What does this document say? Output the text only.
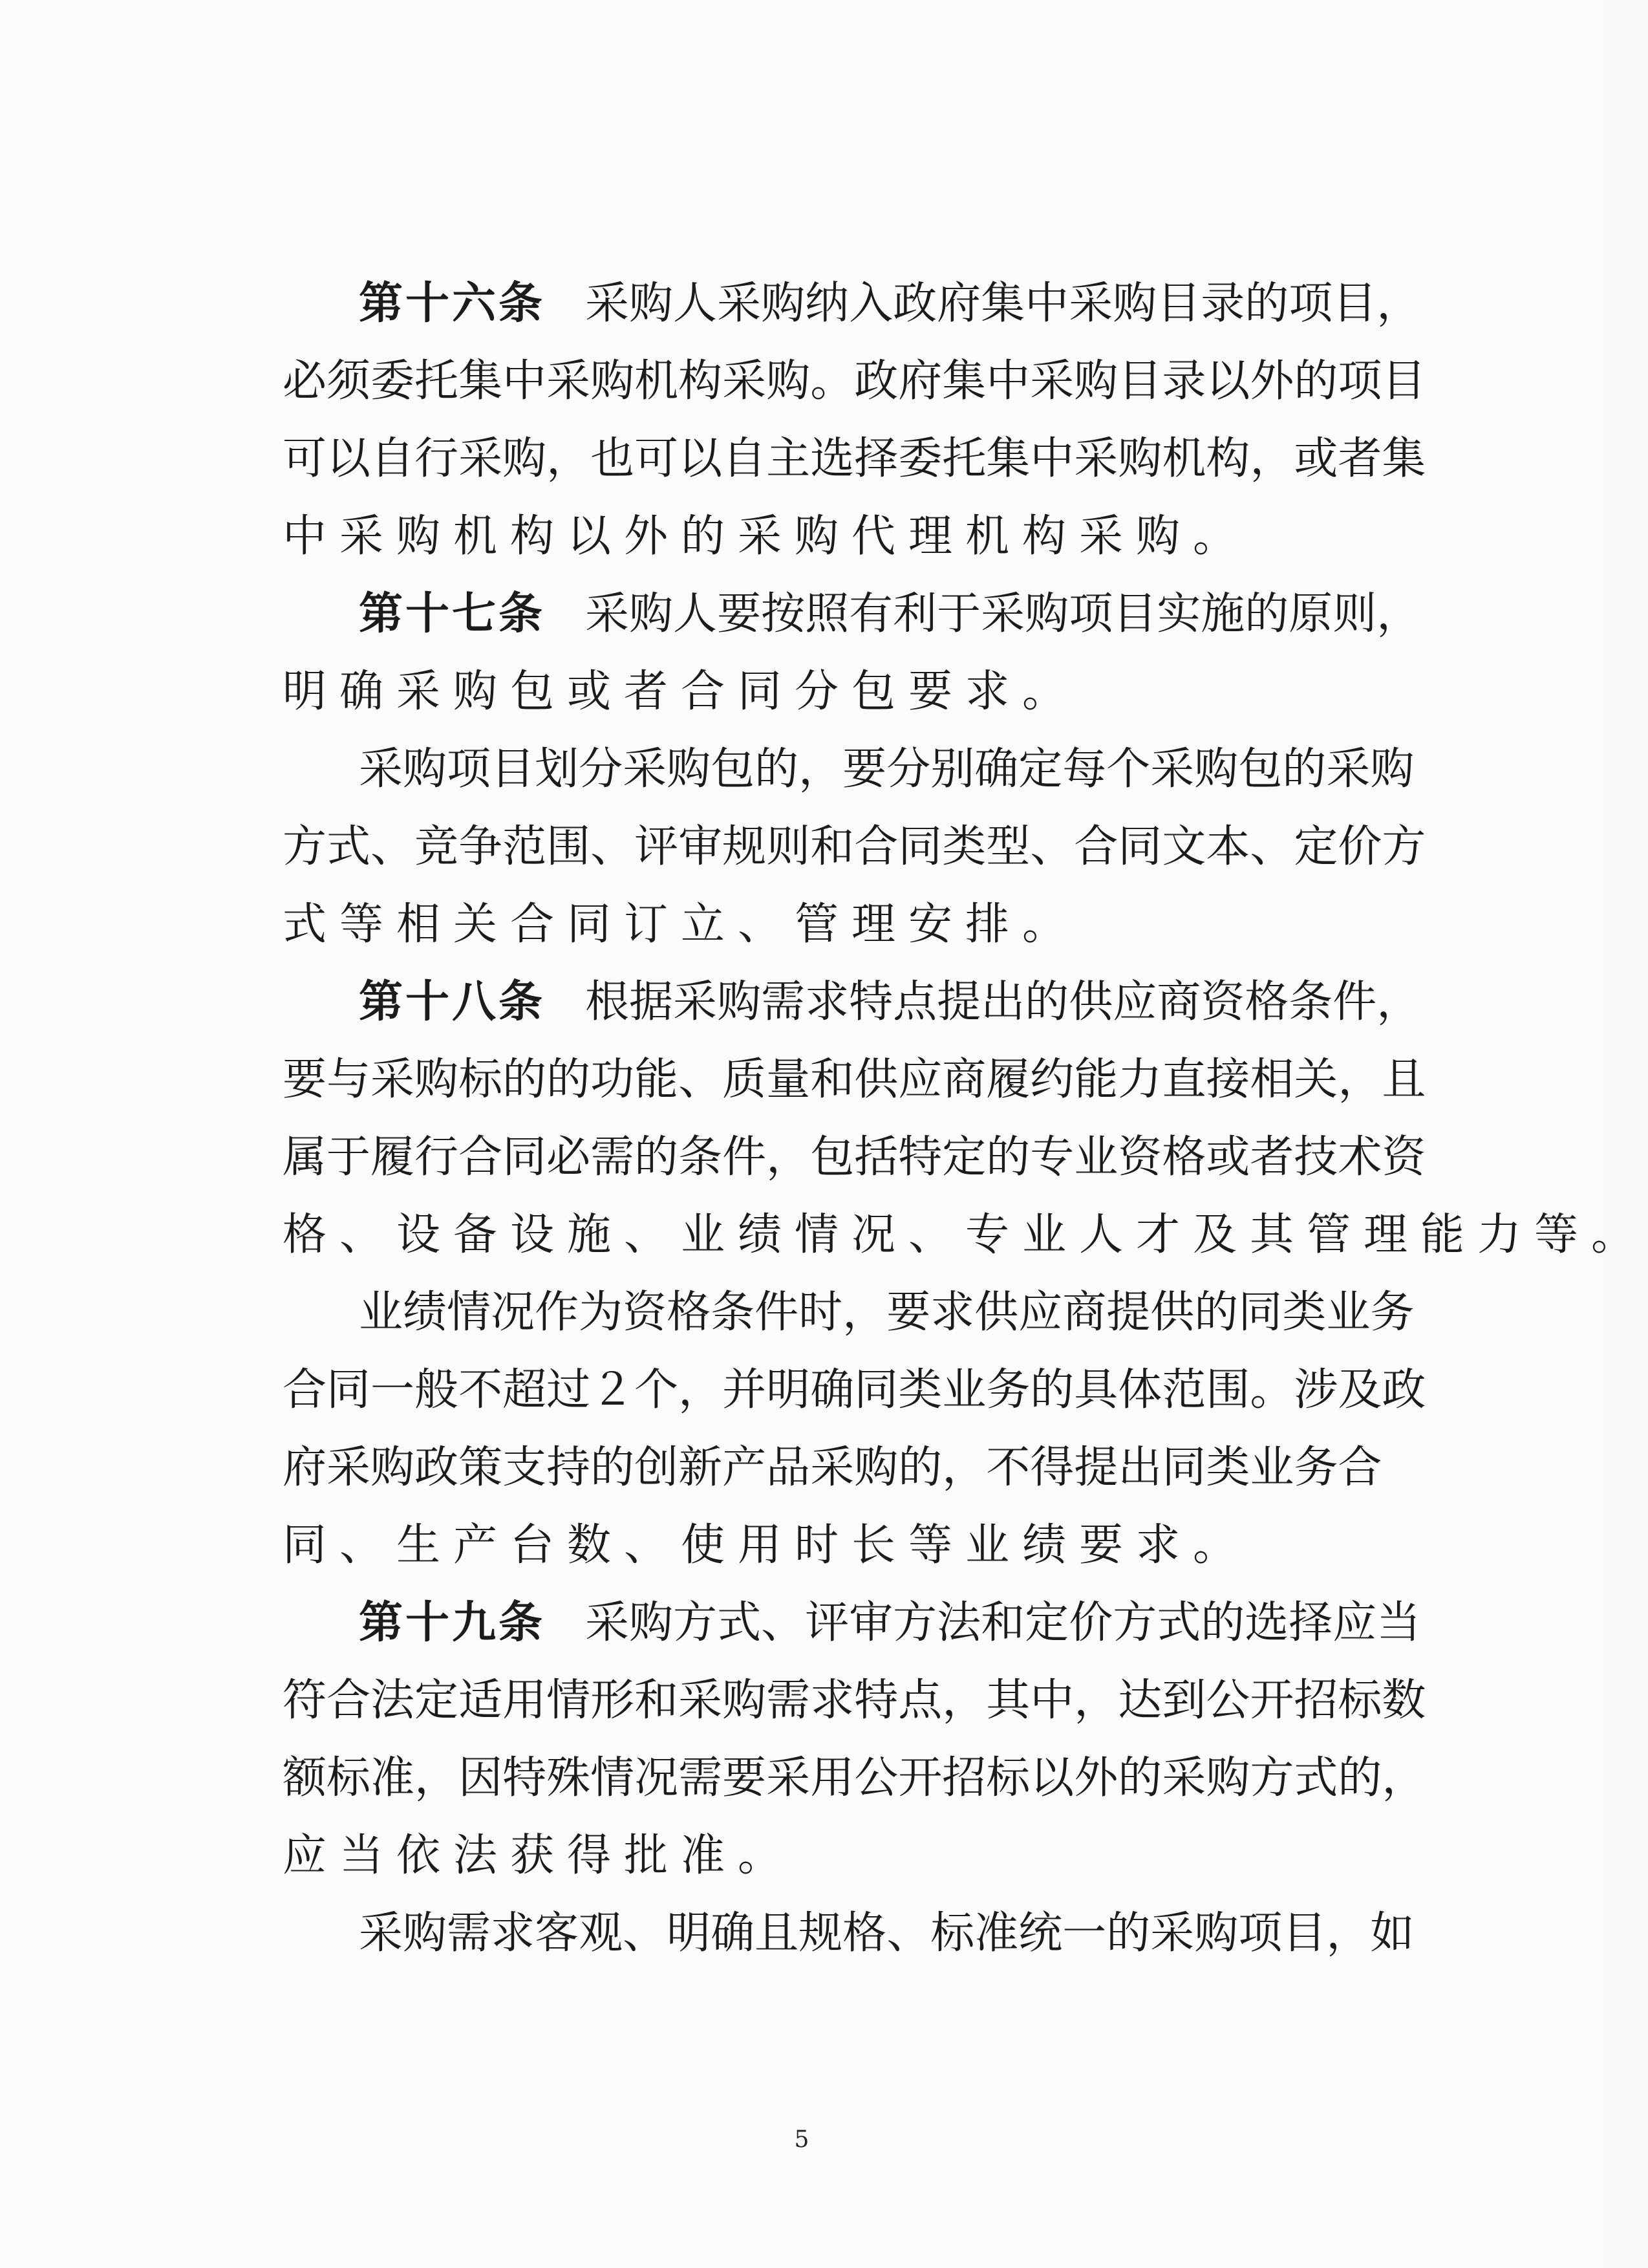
第十六条 采 购 人 采 购 纳 入 政 府 集 中 采 购 目 录 的 项 目 ，
必 须 委 托 集 中 采 购 机 构 采 购 。 政 府 集 中 采 购 目 录 以 外 的 项 目
可 以 自 行 采 购 ， 也 可 以 自 主 选 择 委 托 集 中 采 购 机 构 ， 或 者 集
中采购机构以外的采购代理机构采购。
第十七条 采 购 人 要 按 照 有 利 于 采 购 项 目 实 施 的 原 则 ，
明确采购包或者合同分包要求。
采 购 项 目 划 分 采 购 包 的 ， 要 分 别 确 定 每 个 采 购 包 的 采 购
方 式 、 竞 争 范 围 、 评 审 规 则 和 合 同 类 型 、 合 同 文 本 、 定 价 方
式等相关合同订立、管理安排。
第十八条 根 据 采 购 需 求 特 点 提 出 的 供 应 商 资 格 条 件 ，
要 与 采 购 标 的 的 功 能 、 质 量 和 供 应 商 履 约 能 力 直 接 相 关 ， 且
属 于 履 行 合 同 必 需 的 条 件 ， 包 括 特 定 的 专 业 资 格 或 者 技 术 资
格、设备设施、业绩情况、专业人才及其管理能力等。
业 绩 情 况 作 为 资 格 条 件 时 ， 要 求 供 应 商 提 供 的 同 类 业 务
合 同 一 般 不 超 过 ２ 个 ， 并 明 确 同 类 业 务 的 具 体 范 围 。 涉 及 政
府 采 购 政 策 支 持 的 创 新 产 品 采 购 的 ， 不 得 提 出 同 类 业 务 合
同、生产台数、使用时长等业绩要求。
第十九条 采 购 方 式 、 评 审 方 法 和 定 价 方 式 的 选 择 应 当
符 合 法 定 适 用 情 形 和 采 购 需 求 特 点 ， 其 中 ， 达 到 公 开 招 标 数
额 标 准 ， 因 特 殊 情 况 需 要 采 用 公 开 招 标 以 外 的 采 购 方 式 的 ，
应当依法获得批准。
采 购 需 求 客 观 、 明 确 且 规 格 、 标 准 统 一 的 采 购 项 目 ， 如
5
